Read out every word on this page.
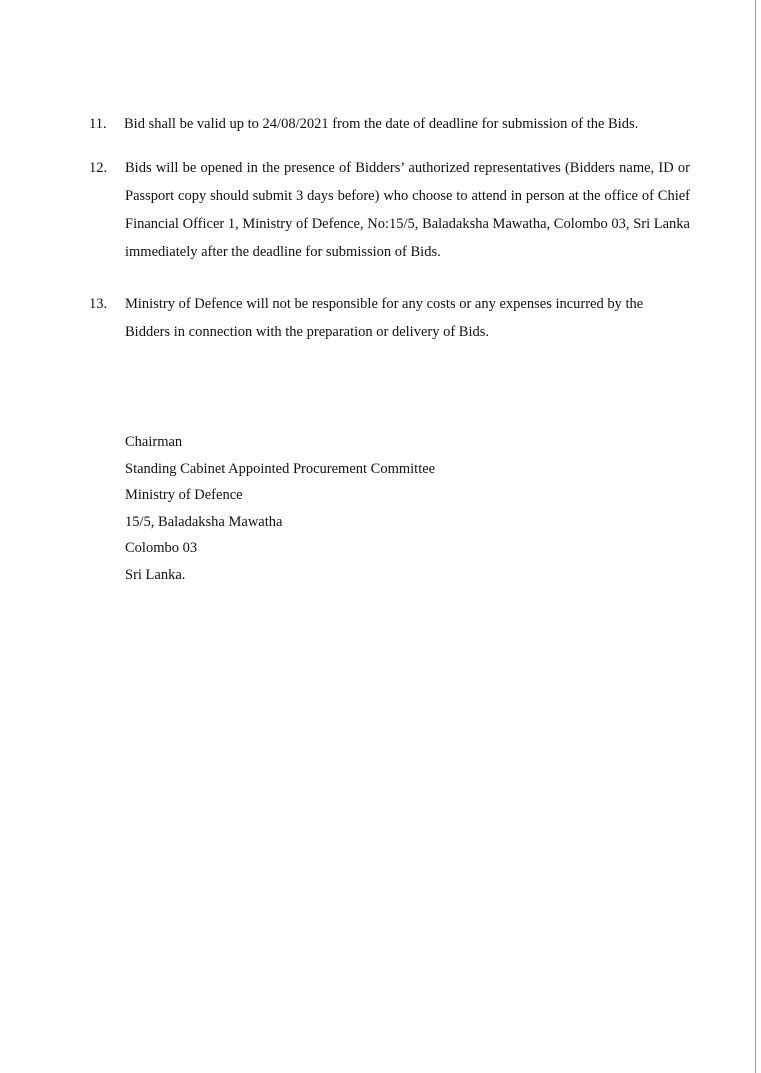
11. Bid shall be valid up to 24/08/2021 from the date of deadline for submission of the Bids.
12. Bids will be opened in the presence of Bidders’ authorized representatives (Bidders name, ID or Passport copy should submit 3 days before) who choose to attend in person at the office of Chief Financial Officer 1, Ministry of Defence, No:15/5, Baladaksha Mawatha, Colombo 03, Sri Lanka immediately after the deadline for submission of Bids.
13. Ministry of Defence will not be responsible for any costs or any expenses incurred by the Bidders in connection with the preparation or delivery of Bids.
Chairman
Standing Cabinet Appointed Procurement Committee
Ministry of Defence
15/5, Baladaksha Mawatha
Colombo 03
Sri Lanka.
